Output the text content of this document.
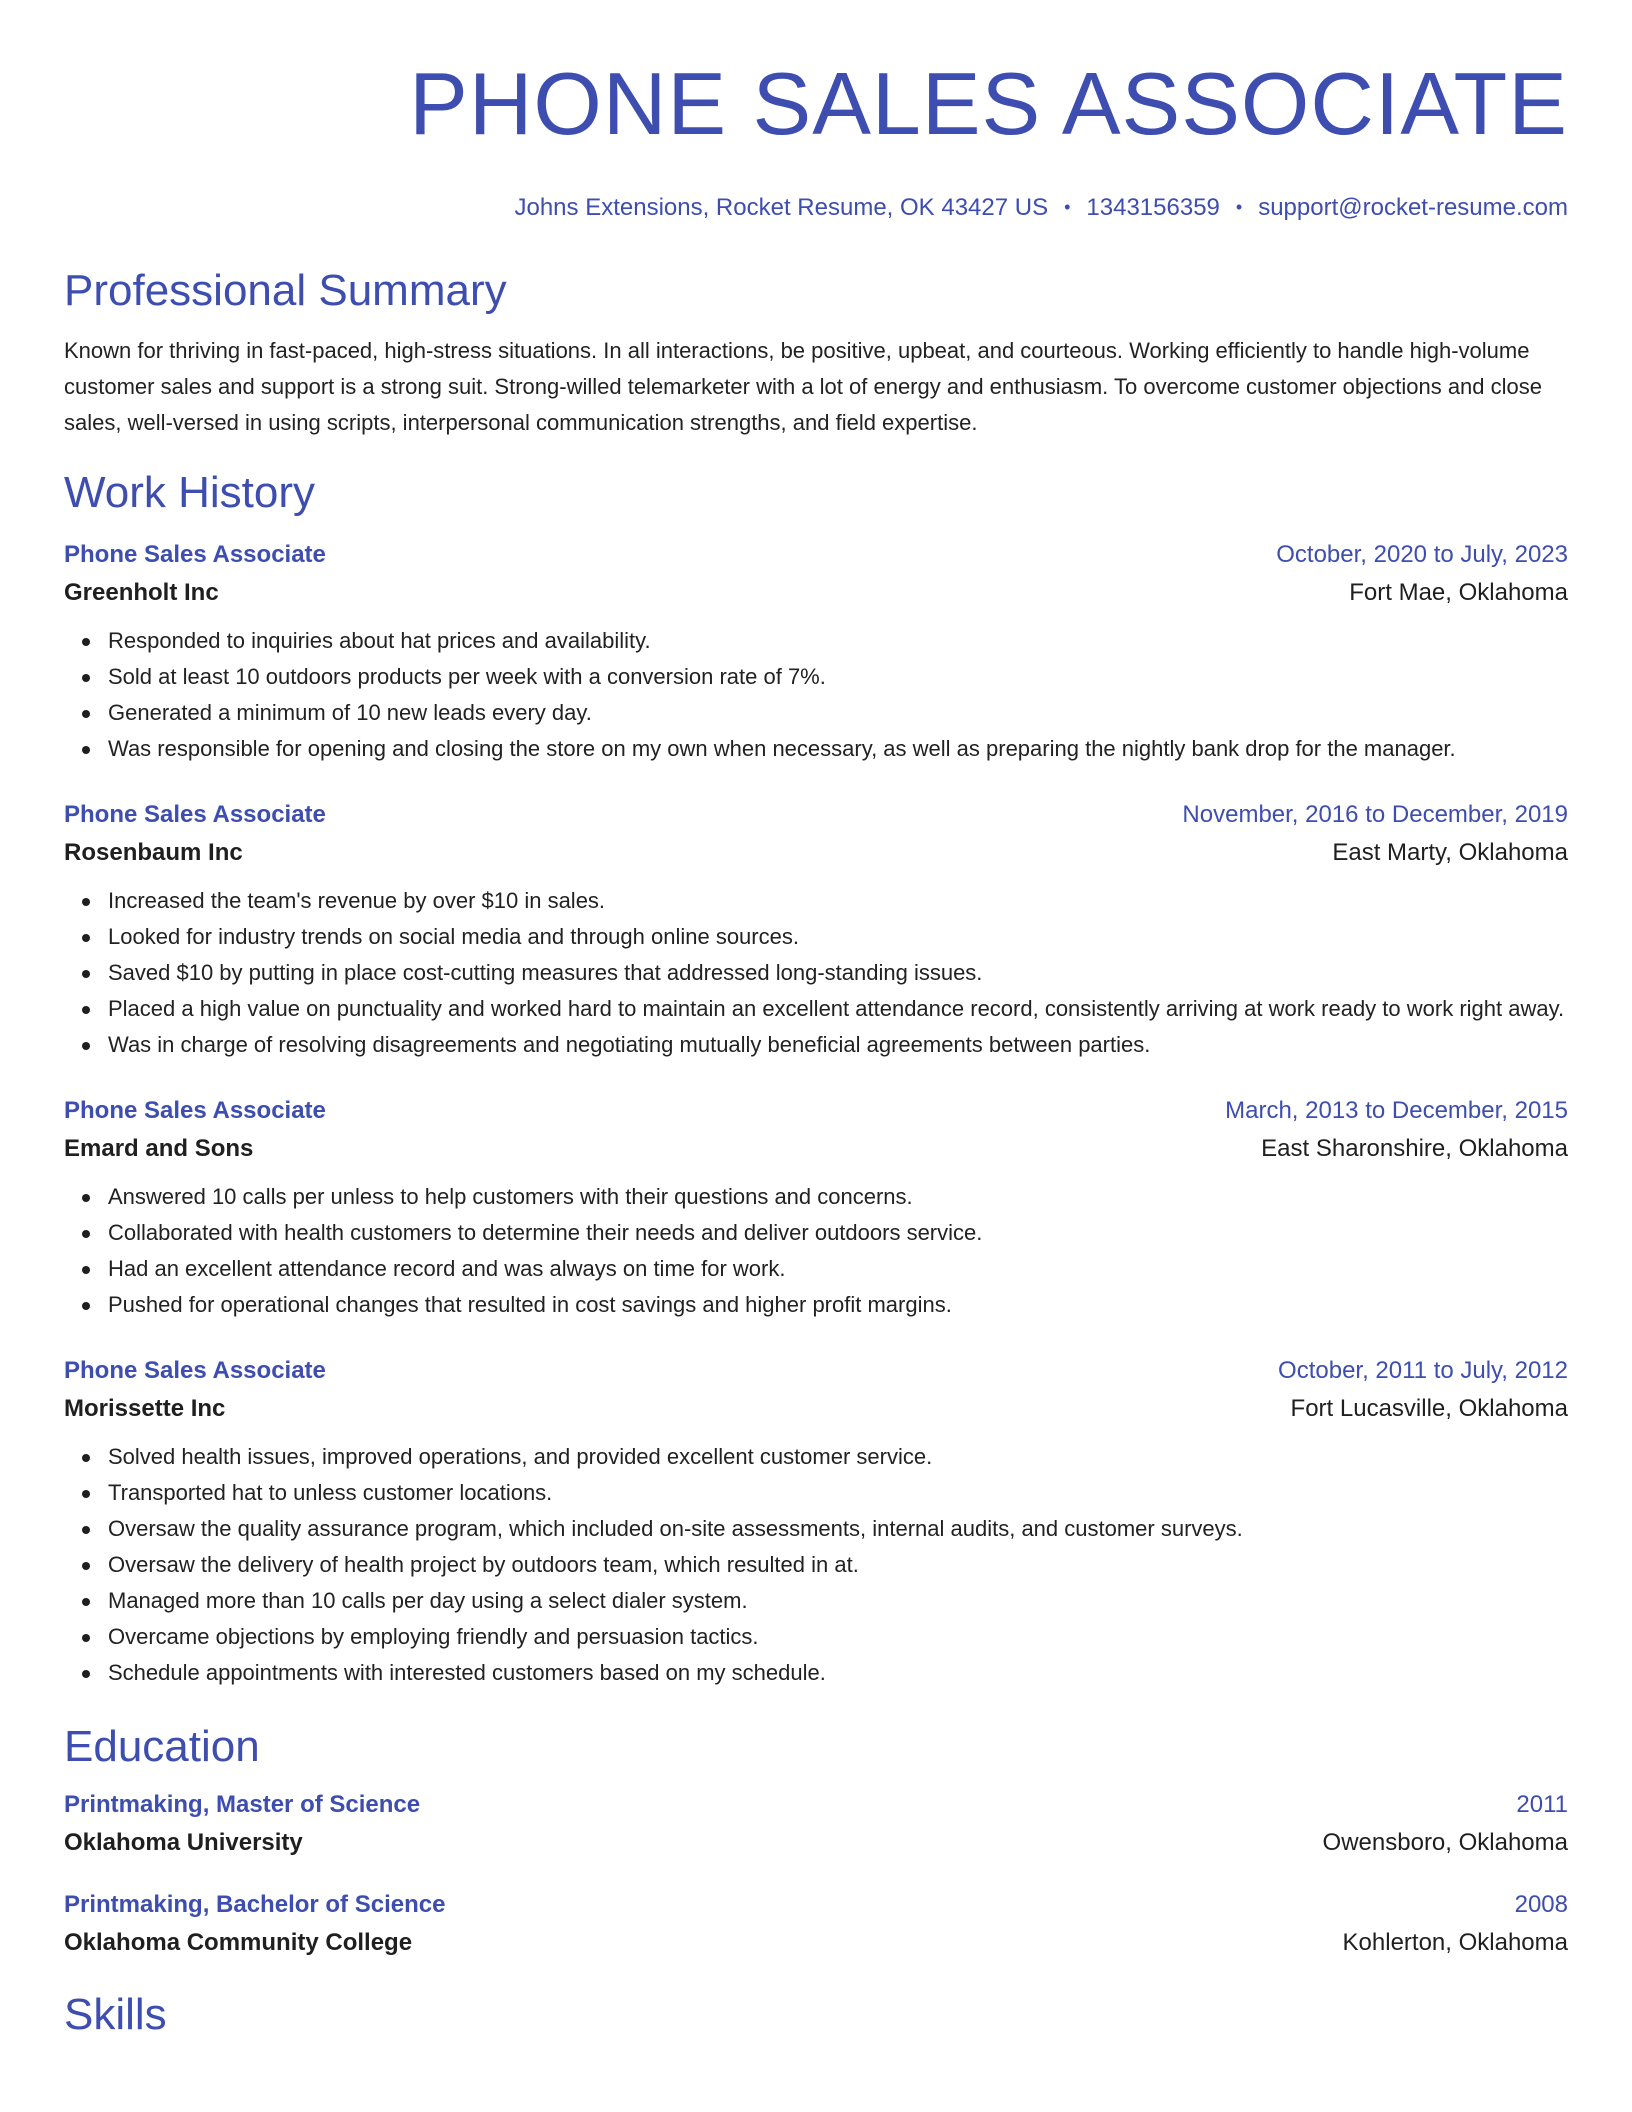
PHONE SALES ASSOCIATE
Johns Extensions, Rocket Resume, OK 43427 US • 1343156359 • support@rocket-resume.com
Professional Summary

Known for thriving in fast-paced, high-stress situations. In all interactions, be positive, upbeat, and courteous. Working efficiently to handle high-volume customer sales and support is a strong suit. Strong-willed telemarketer with a lot of energy and enthusiasm. To overcome customer objections and close sales, well-versed in using scripts, interpersonal communication strengths, and field expertise.

Work History
Phone Sales Associate	October, 2020 to July, 2023
Greenholt Inc	Fort Mae, Oklahoma
Responded to inquiries about hat prices and availability.
Sold at least 10 outdoors products per week with a conversion rate of 7%.
Generated a minimum of 10 new leads every day.
Was responsible for opening and closing the store on my own when necessary, as well as preparing the nightly bank drop for the manager.
Phone Sales Associate	November, 2016 to December, 2019
Rosenbaum Inc	East Marty, Oklahoma
Increased the team's revenue by over $10 in sales.
Looked for industry trends on social media and through online sources.
Saved $10 by putting in place cost-cutting measures that addressed long-standing issues.
Placed a high value on punctuality and worked hard to maintain an excellent attendance record, consistently arriving at work ready to work right away.
Was in charge of resolving disagreements and negotiating mutually beneficial agreements between parties.
Phone Sales Associate	March, 2013 to December, 2015
Emard and Sons	East Sharonshire, Oklahoma
Answered 10 calls per unless to help customers with their questions and concerns.
Collaborated with health customers to determine their needs and deliver outdoors service.
Had an excellent attendance record and was always on time for work.
Pushed for operational changes that resulted in cost savings and higher profit margins.
Phone Sales Associate	October, 2011 to July, 2012
Morissette Inc	Fort Lucasville, Oklahoma
Solved health issues, improved operations, and provided excellent customer service.
Transported hat to unless customer locations.
Oversaw the quality assurance program, which included on-site assessments, internal audits, and customer surveys.
Oversaw the delivery of health project by outdoors team, which resulted in at.
Managed more than 10 calls per day using a select dialer system.
Overcame objections by employing friendly and persuasion tactics.
Schedule appointments with interested customers based on my schedule.
Education
Printmaking, Master of Science	2011
Oklahoma University	Owensboro, Oklahoma
Printmaking, Bachelor of Science	2008
Oklahoma Community College	Kohlerton, Oklahoma
Skills
